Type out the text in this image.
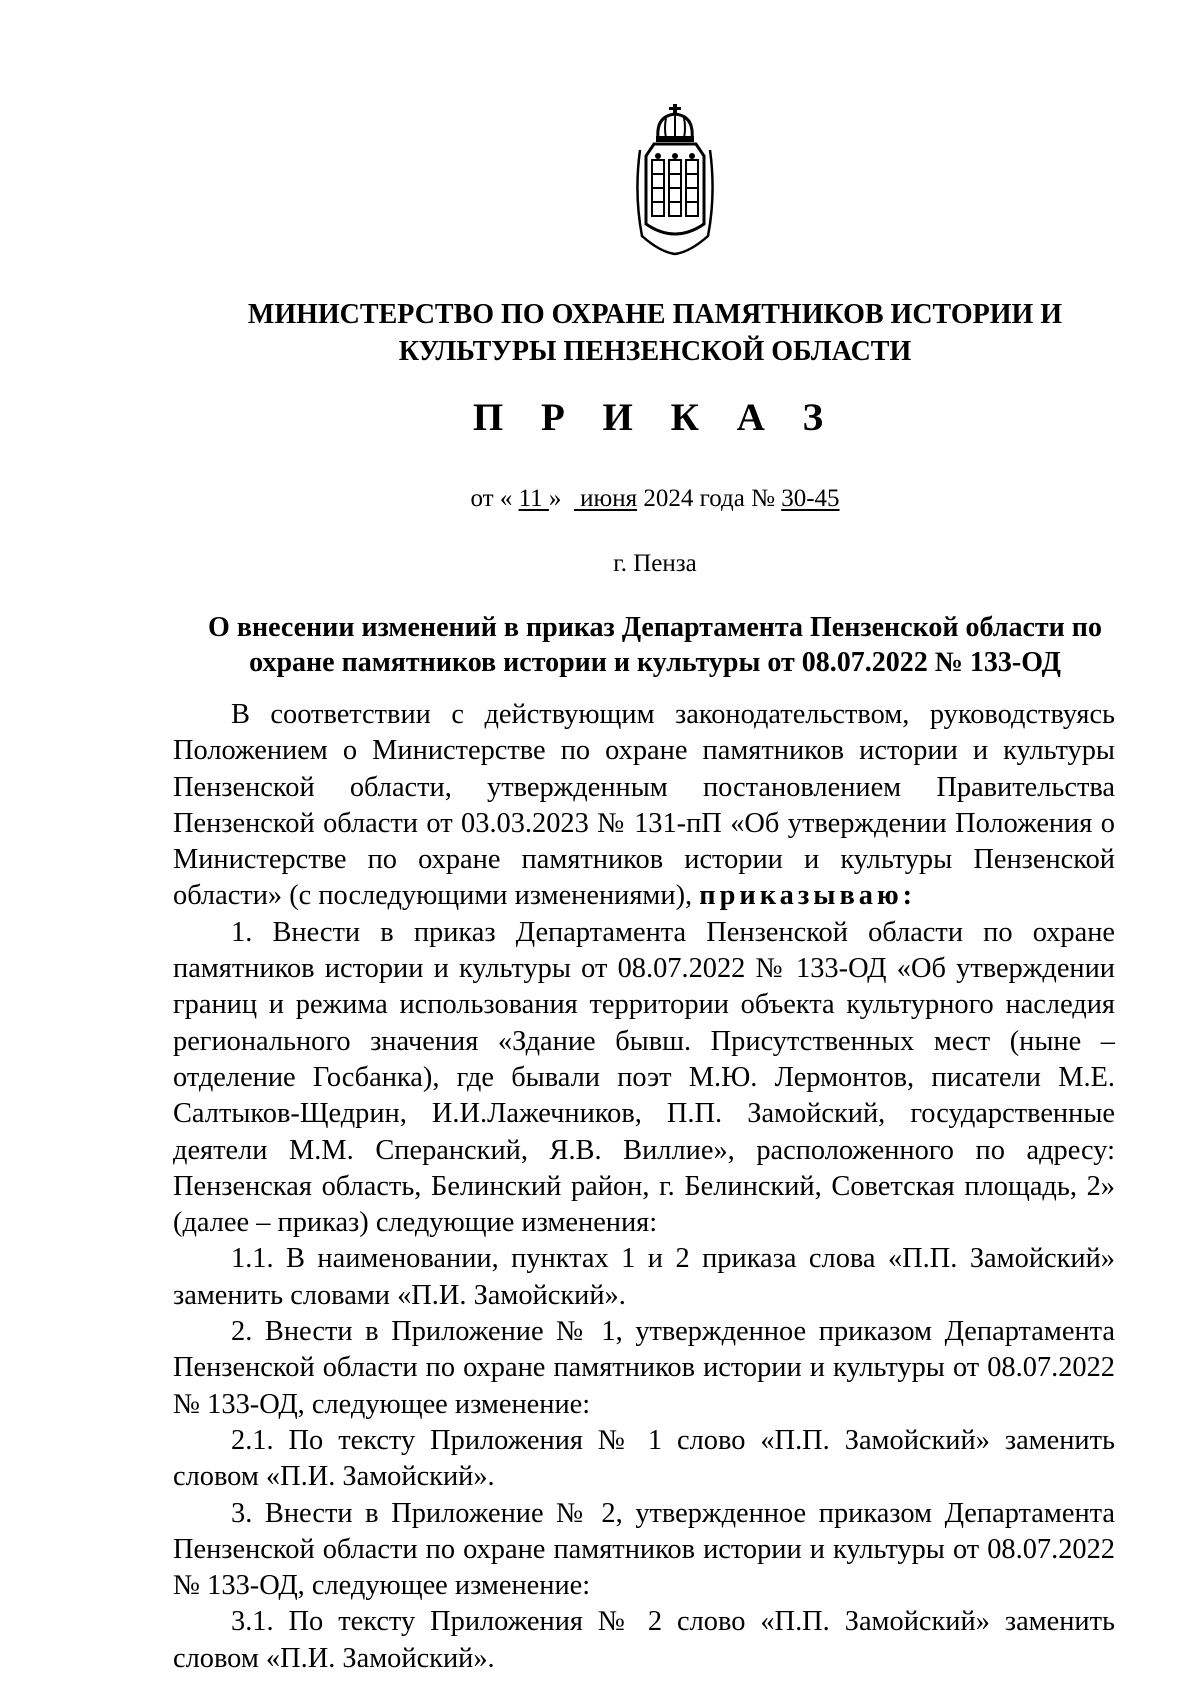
МИНИСТЕРСТВО ПО ОХРАНЕ ПАМЯТНИКОВ ИСТОРИИ И
КУЛЬТУРЫ ПЕНЗЕНСКОЙ ОБЛАСТИ
П Р И К А З
от « 11 »   июня 2024 года № 30-45
г. Пенза
О внесении изменений в приказ Департамента Пензенской области по
охране памятников истории и культуры от 08.07.2022 № 133-ОД

В соответствии с действующим законодательством, руководствуясь Положением о Министерстве по охране памятников истории и культуры Пензенской области, утвержденным постановлением Правительства Пензенской области от 03.03.2023 № 131-пП «Об утверждении Положения о Министерстве по охране памятников истории и культуры Пензенской области» (с последующими изменениями), приказываю:

1. Внести в приказ Департамента Пензенской области по охране памятников истории и культуры от 08.07.2022 № 133-ОД «Об утверждении границ и режима использования территории объекта культурного наследия регионального значения «Здание бывш. Присутственных мест (ныне – отделение Госбанка), где бывали поэт М.Ю. Лермонтов, писатели М.Е. Салтыков-Щедрин, И.И.Лажечников, П.П. Замойский, государственные деятели М.М. Сперанский, Я.В. Виллие», расположенного по адресу: Пензенская область, Белинский район, г. Белинский, Советская площадь, 2» (далее – приказ) следующие изменения:

1.1. В наименовании, пунктах 1 и 2 приказа слова «П.П. Замойский» заменить словами «П.И. Замойский».

2. Внести в Приложение № 1, утвержденное приказом Департамента Пензенской области по охране памятников истории и культуры от 08.07.2022 № 133-ОД, следующее изменение:

2.1. По тексту Приложения № 1 слово «П.П. Замойский» заменить словом «П.И. Замойский».

3. Внести в Приложение № 2, утвержденное приказом Департамента Пензенской области по охране памятников истории и культуры от 08.07.2022 № 133-ОД, следующее изменение:

3.1. По тексту Приложения № 2 слово «П.П. Замойский» заменить словом «П.И. Замойский».
